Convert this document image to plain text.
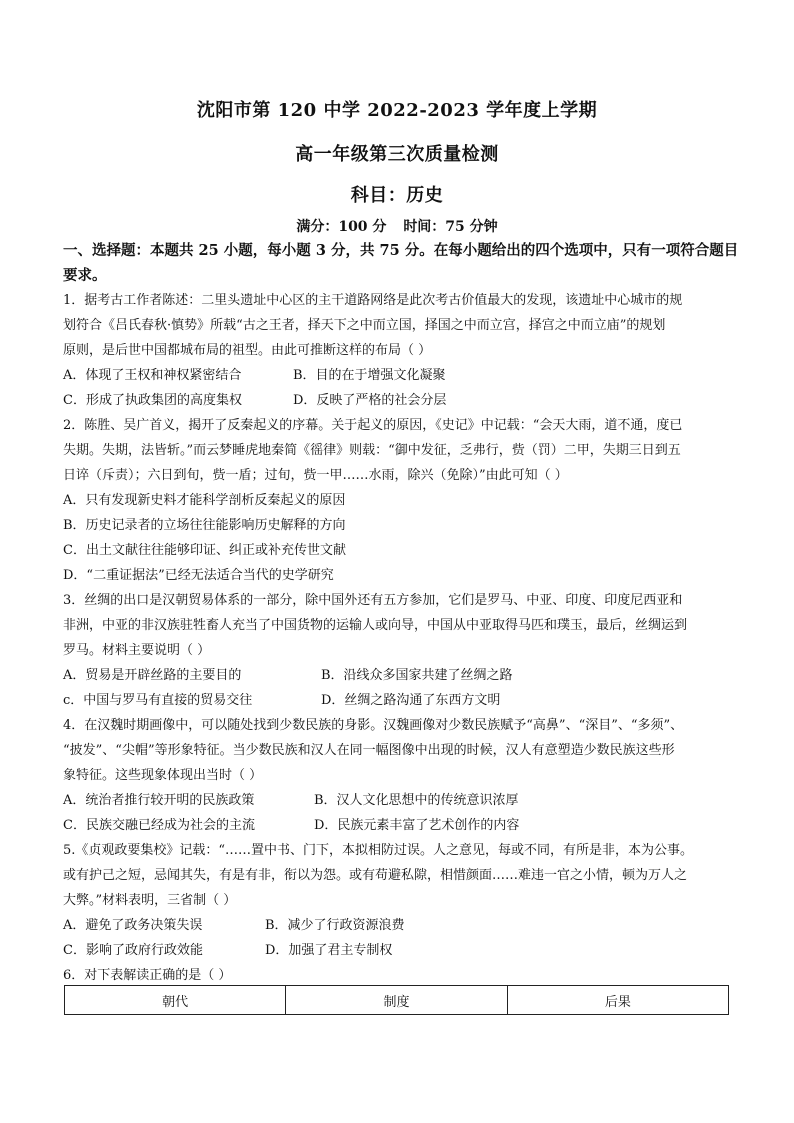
沈阳市第 120 中学 2022-2023 学年度上学期
高一年级第三次质量检测
科目：历史
满分：100 分 时间：75 分钟
一、选择题：本题共 25 小题，每小题 3 分，共 75 分。在每小题给出的四个选项中，只有一项符合题目要求。
1．据考古工作者陈述：二里头遗址中心区的主干道路网络是此次考古价值最大的发现，该遗址中心城市的规
划符合《吕氏春秋·慎势》所载“古之王者，择天下之中而立国，择国之中而立宫，择宫之中而立庙”的规划
原则，是后世中国都城布局的祖型。由此可推断这样的布局（ ）
A．体现了王权和神权紧密结合	B．目的在于增强文化凝聚
C．形成了执政集团的高度集权	D．反映了严格的社会分层
2．陈胜、吴广首义，揭开了反秦起义的序幕。关于起义的原因，《史记》中记载：“会天大雨，道不通，度已
失期。失期，法皆斩。”而云梦睡虎地秦简《徭律》则载：“御中发征，乏弗行，赀（罚）二甲，失期三日到五
日谇（斥责）；六日到旬，赀一盾；过旬，赀一甲……水雨，除兴（免除）”由此可知（ ）
A．只有发现新史料才能科学剖析反秦起义的原因
B．历史记录者的立场往往能影响历史解释的方向
C．出土文献往往能够印证、纠正或补充传世文献
D．“二重证据法”已经无法适合当代的史学研究
3．丝绸的出口是汉朝贸易体系的一部分，除中国外还有五方参加，它们是罗马、中亚、印度、印度尼西亚和
非洲，中亚的非汉族驻牲畜人充当了中国货物的运输人或向导，中国从中亚取得马匹和璞玉，最后，丝绸运到
罗马。材料主要说明（ ）
A．贸易是开辟丝路的主要目的	B．沿线众多国家共建了丝绸之路
c．中国与罗马有直接的贸易交往	D．丝绸之路沟通了东西方文明
4．在汉魏时期画像中，可以随处找到少数民族的身影。汉魏画像对少数民族赋予“高鼻”、“深目”、“多须”、
“披发”、“尖帽”等形象特征。当少数民族和汉人在同一幅图像中出现的时候，汉人有意塑造少数民族这些形
象特征。这些现象体现出当时（ ）
A．统治者推行较开明的民族政策	B．汉人文化思想中的传统意识浓厚
C．民族交融已经成为社会的主流	D．民族元素丰富了艺术创作的内容
5.《贞观政要集校》记载：“……置中书、门下，本拟相防过误。人之意见，每或不同，有所是非，本为公事。
或有护己之短，忌闻其失，有是有非，衔以为怨。或有苟避私隙，相惜颜面……难违一官之小情，顿为万人之
大弊。”材料表明，三省制（ ）
A．避免了政务决策失误	B．减少了行政资源浪费
C．影响了政府行政效能	D．加强了君主专制权
6．对下表解读正确的是（ ）
朝代	制度	后果
